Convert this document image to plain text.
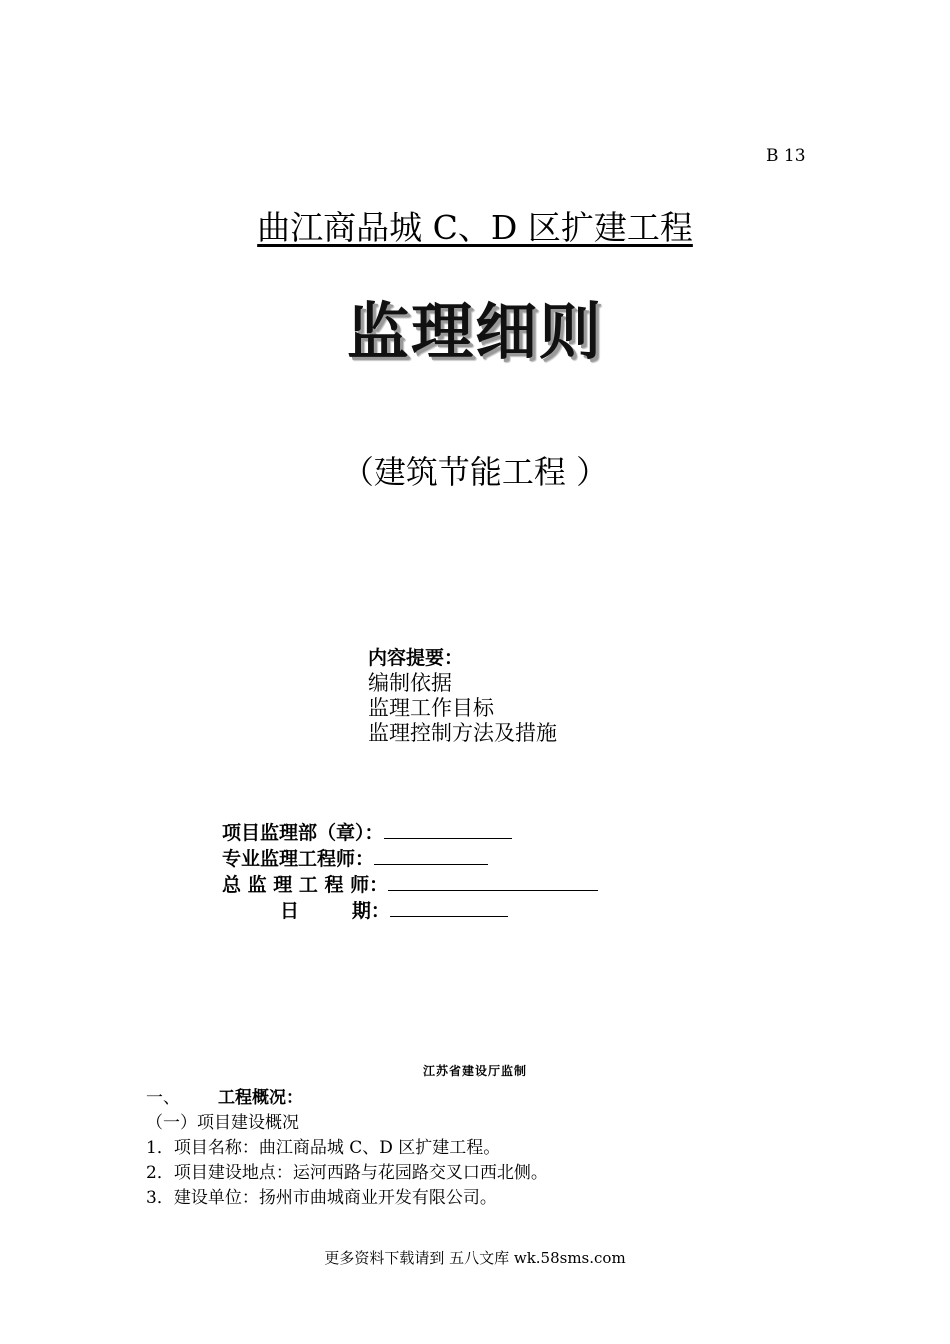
B 13
曲江商品城 C、D 区扩建工程
监理细则
（建筑节能工程 ）
内容提要：
编制依据
监理工作目标
监理控制方法及措施
项目监理部（章）：
专业监理工程师：
总 监 理 工 程 师：
日        期：
江苏省建设厅监制
一、 工程概况：
（一）项目建设概况
1．项目名称：曲江商品城 C、D 区扩建工程。
2．项目建设地点：运河西路与花园路交叉口西北侧。
3．建设单位：扬州市曲城商业开发有限公司。
更多资料下载请到 五八文库 wk.58sms.com
